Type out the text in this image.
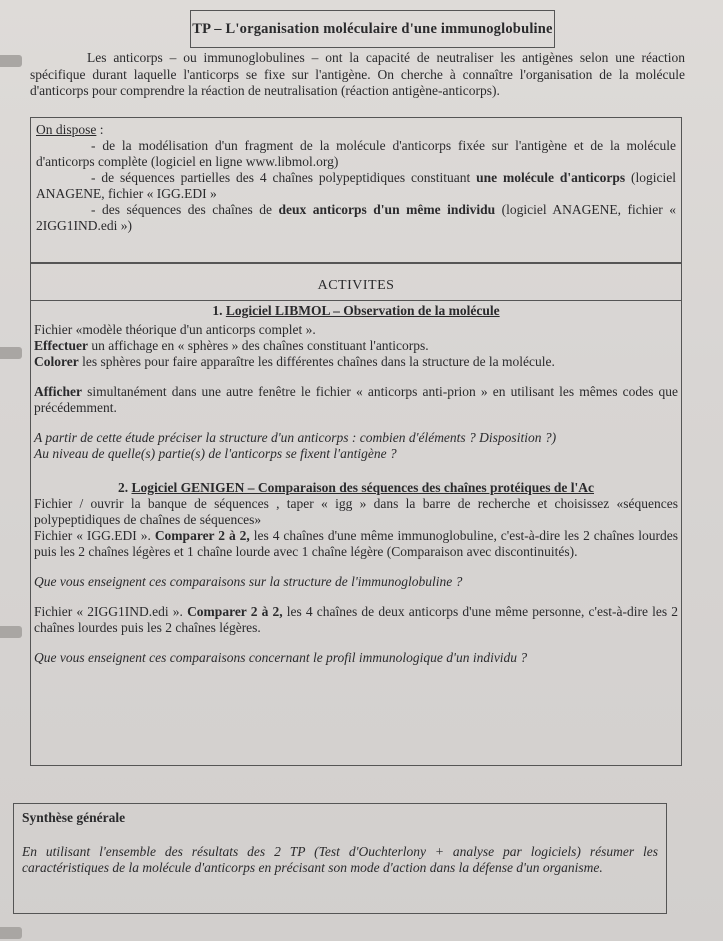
TP – L'organisation moléculaire d'une immunoglobuline

Les anticorps – ou immunoglobulines – ont la capacité de neutraliser les antigènes selon une réaction spécifique durant laquelle l'anticorps se fixe sur l'antigène. On cherche à connaître l'organisation de la molécule d'anticorps pour comprendre la réaction de neutralisation (réaction antigène-anticorps).

On dispose :

- de la modélisation d'un fragment de la molécule d'anticorps fixée sur l'antigène et de la molécule d'anticorps complète (logiciel en ligne www.libmol.org)

- de séquences partielles des 4 chaînes polypeptidiques constituant une molécule d'anticorps (logiciel ANAGENE, fichier « IGG.EDI »

- des séquences des chaînes de deux anticorps d'un même individu (logiciel ANAGENE, fichier « 2IGG1IND.edi »)

ACTIVITES
1. Logiciel LIBMOL – Observation de la molécule

Fichier «modèle théorique d'un anticorps complet ».

Effectuer un affichage en « sphères » des chaînes constituant l'anticorps.

Colorer les sphères pour faire apparaître les différentes chaînes dans la structure de la molécule.

Afficher simultanément dans une autre fenêtre le fichier « anticorps anti-prion » en utilisant les mêmes codes que précédemment.

A partir de cette étude préciser la structure d'un anticorps : combien d'éléments ? Disposition ?)

Au niveau de quelle(s) partie(s) de l'anticorps se fixent l'antigène ?

2. Logiciel GENIGEN – Comparaison des séquences des chaînes protéiques de l'Ac

Fichier / ouvrir la banque de séquences , taper « igg » dans la barre de recherche et choisissez «séquences polypeptidiques de chaînes de séquences»

Fichier « IGG.EDI ». Comparer 2 à 2, les 4 chaînes d'une même immunoglobuline, c'est-à-dire les 2 chaînes lourdes puis les 2 chaînes légères et 1 chaîne lourde avec 1 chaîne légère (Comparaison avec discontinuités).

Que vous enseignent ces comparaisons sur la structure de l'immunoglobuline ?

Fichier « 2IGG1IND.edi ». Comparer 2 à 2, les 4 chaînes de deux anticorps d'une même personne, c'est-à-dire les 2 chaînes lourdes puis les 2 chaînes légères.

Que vous enseignent ces comparaisons concernant le profil immunologique d'un individu ?

Synthèse générale

En utilisant l'ensemble des résultats des 2 TP (Test d'Ouchterlony + analyse par logiciels) résumer les caractéristiques de la molécule d'anticorps en précisant son mode d'action dans la défense d'un organisme.
